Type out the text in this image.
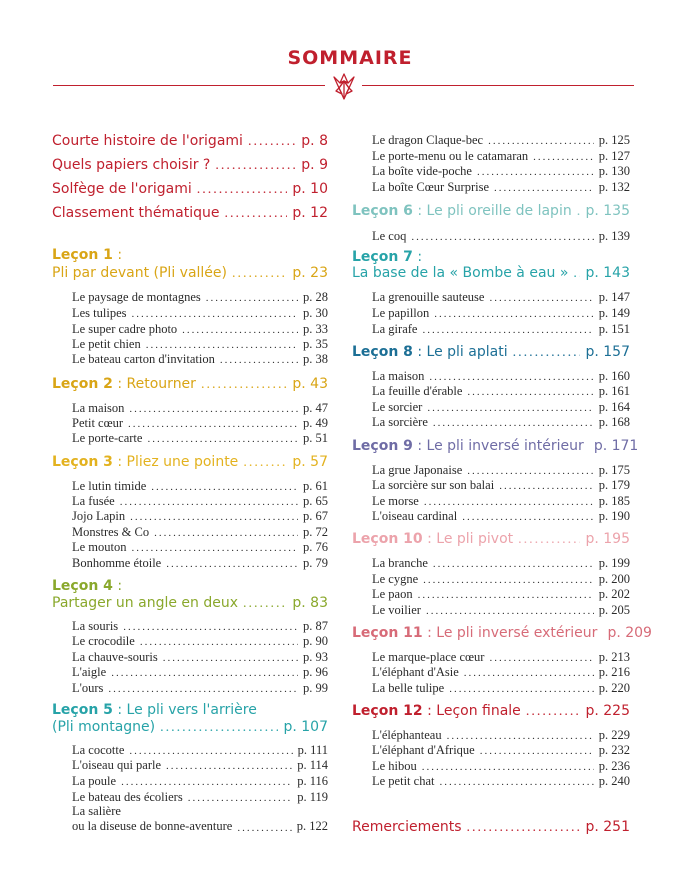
SOMMAIRE
Courte histoire de l'origami .....	p. 8
Quels papiers choisir ? .....	p. 9
Solfège de l'origami .....	p. 10
Classement thématique .....	p. 12
Leçon 1 :
Pli par devant (Pli vallée) .....	p. 23
Le paysage de montagnes .....	p. 28
Les tulipes .....	p. 30
Le super cadre photo .....	p. 33
Le petit chien .....	p. 35
Le bateau carton d'invitation .....	p. 38
Leçon 2 : Retourner .....	p. 43
La maison .....	p. 47
Petit cœur .....	p. 49
Le porte-carte .....	p. 51
Leçon 3 : Pliez une pointe .....	p. 57
Le lutin timide .....	p. 61
La fusée .....	p. 65
Jojo Lapin .....	p. 67
Monstres & Co .....	p. 72
Le mouton .....	p. 76
Bonhomme étoile .....	p. 79
Leçon 4 :
Partager un angle en deux .....	p. 83
La souris .....	p. 87
Le crocodile .....	p. 90
La chauve-souris .....	p. 93
L'aigle .....	p. 96
L'ours .....	p. 99
Leçon 5 : Le pli vers l'arrière
(Pli montagne) .....	p. 107
La cocotte .....	p. 111
L'oiseau qui parle .....	p. 114
La poule .....	p. 116
Le bateau des écoliers .....	p. 119
La salière
ou la diseuse de bonne-aventure .....	p. 122
Le dragon Claque-bec .....	p. 125
Le porte-menu ou le catamaran .....	p. 127
La boîte vide-poche .....	p. 130
La boîte Cœur Surprise .....	p. 132
Leçon 6 : Le pli oreille de lapin ..... p. 135
Le coq .....	p. 139
Leçon 7 :
La base de la « Bombe à eau » ..... p. 143
La grenouille sauteuse .....	p. 147
Le papillon .....	p. 149
La girafe .....	p. 151
Leçon 8 : Le pli aplati .....	p. 157
La maison .....	p. 160
La feuille d'érable .....	p. 161
Le sorcier .....	p. 164
La sorcière .....	p. 168
Leçon 9 : Le pli inversé intérieur p. 171
La grue Japonaise .....	p. 175
La sorcière sur son balai .....	p. 179
Le morse .....	p. 185
L'oiseau cardinal .....	p. 190
Leçon 10 : Le pli pivot .....	p. 195
La branche .....	p. 199
Le cygne .....	p. 200
Le paon .....	p. 202
Le voilier .....	p. 205
Leçon 11 : Le pli inversé extérieur p. 209
Le marque-place cœur .....	p. 213
L'éléphant d'Asie .....	p. 216
La belle tulipe .....	p. 220
Leçon 12 : Leçon finale .....	p. 225
L'éléphanteau .....	p. 229
L'éléphant d'Afrique .....	p. 232
Le hibou .....	p. 236
Le petit chat .....	p. 240
Remerciements .....	p. 251
